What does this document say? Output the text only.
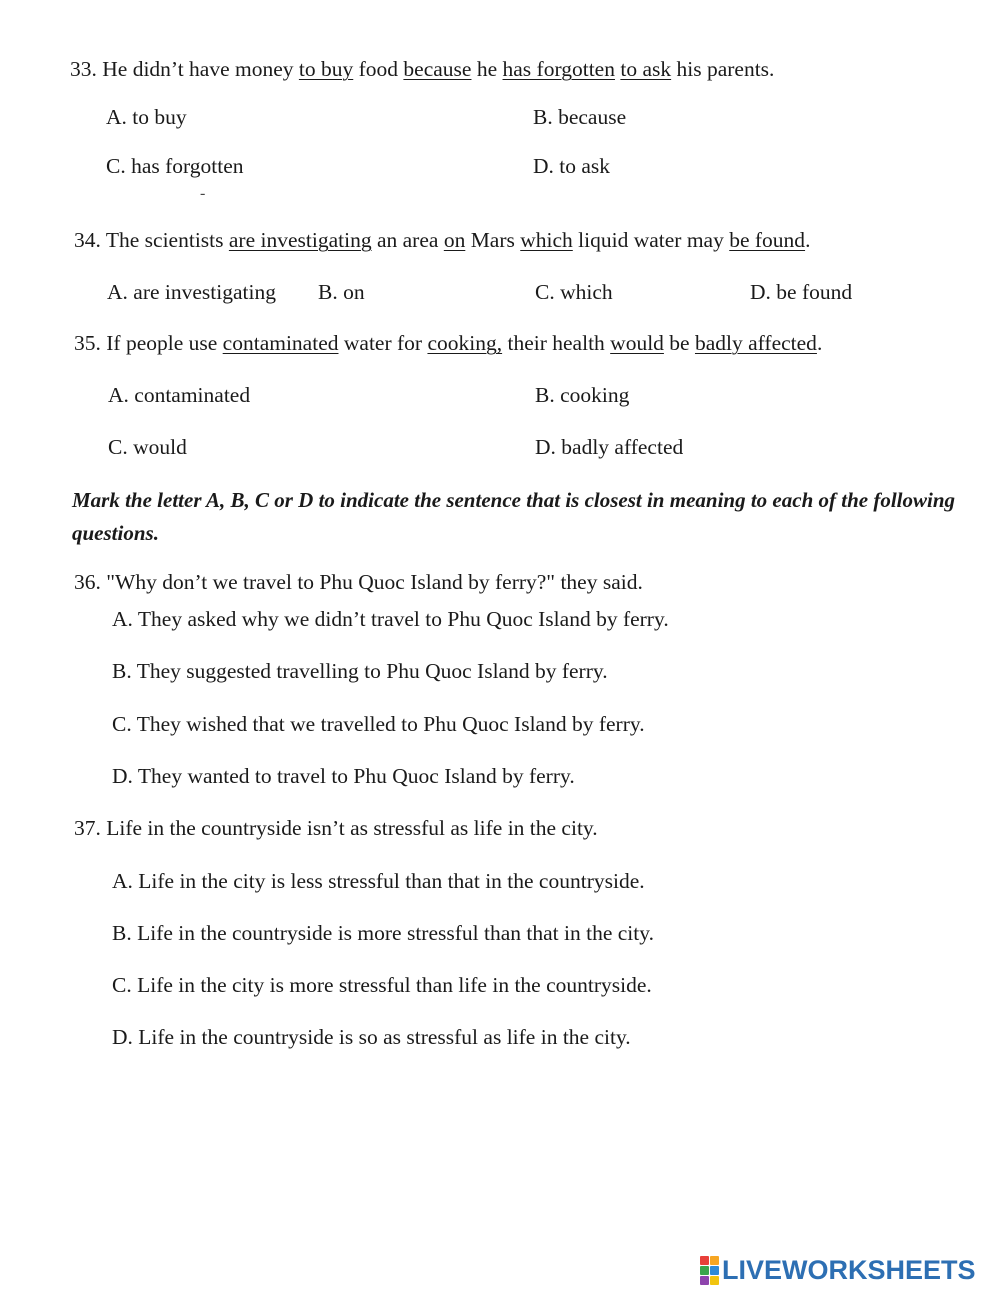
33. He didn’t have money to buy food because he has forgotten to ask his parents.
A. to buy	B. because
C. has forgotten	D. to ask
-
34. The scientists are investigating an area on Mars which liquid water may be found.
A. are investigating B. on	C. which	D. be found
35. If people use contaminated water for cooking, their health would be badly affected.
A. contaminated	B. cooking
C. would	D. badly affected
Mark the letter A, B, C or D to indicate the sentence that is closest in meaning to each of the following questions.
36. "Why don’t we travel to Phu Quoc Island by ferry?" they said.
A. They asked why we didn’t travel to Phu Quoc Island by ferry.
B. They suggested travelling to Phu Quoc Island by ferry.
C. They wished that we travelled to Phu Quoc Island by ferry.
D. They wanted to travel to Phu Quoc Island by ferry.
37. Life in the countryside isn’t as stressful as life in the city.
A. Life in the city is less stressful than that in the countryside.
B. Life in the countryside is more stressful than that in the city.
C. Life in the city is more stressful than life in the countryside.
D. Life in the countryside is so as stressful as life in the city.
LIVEWORKSHEETS
